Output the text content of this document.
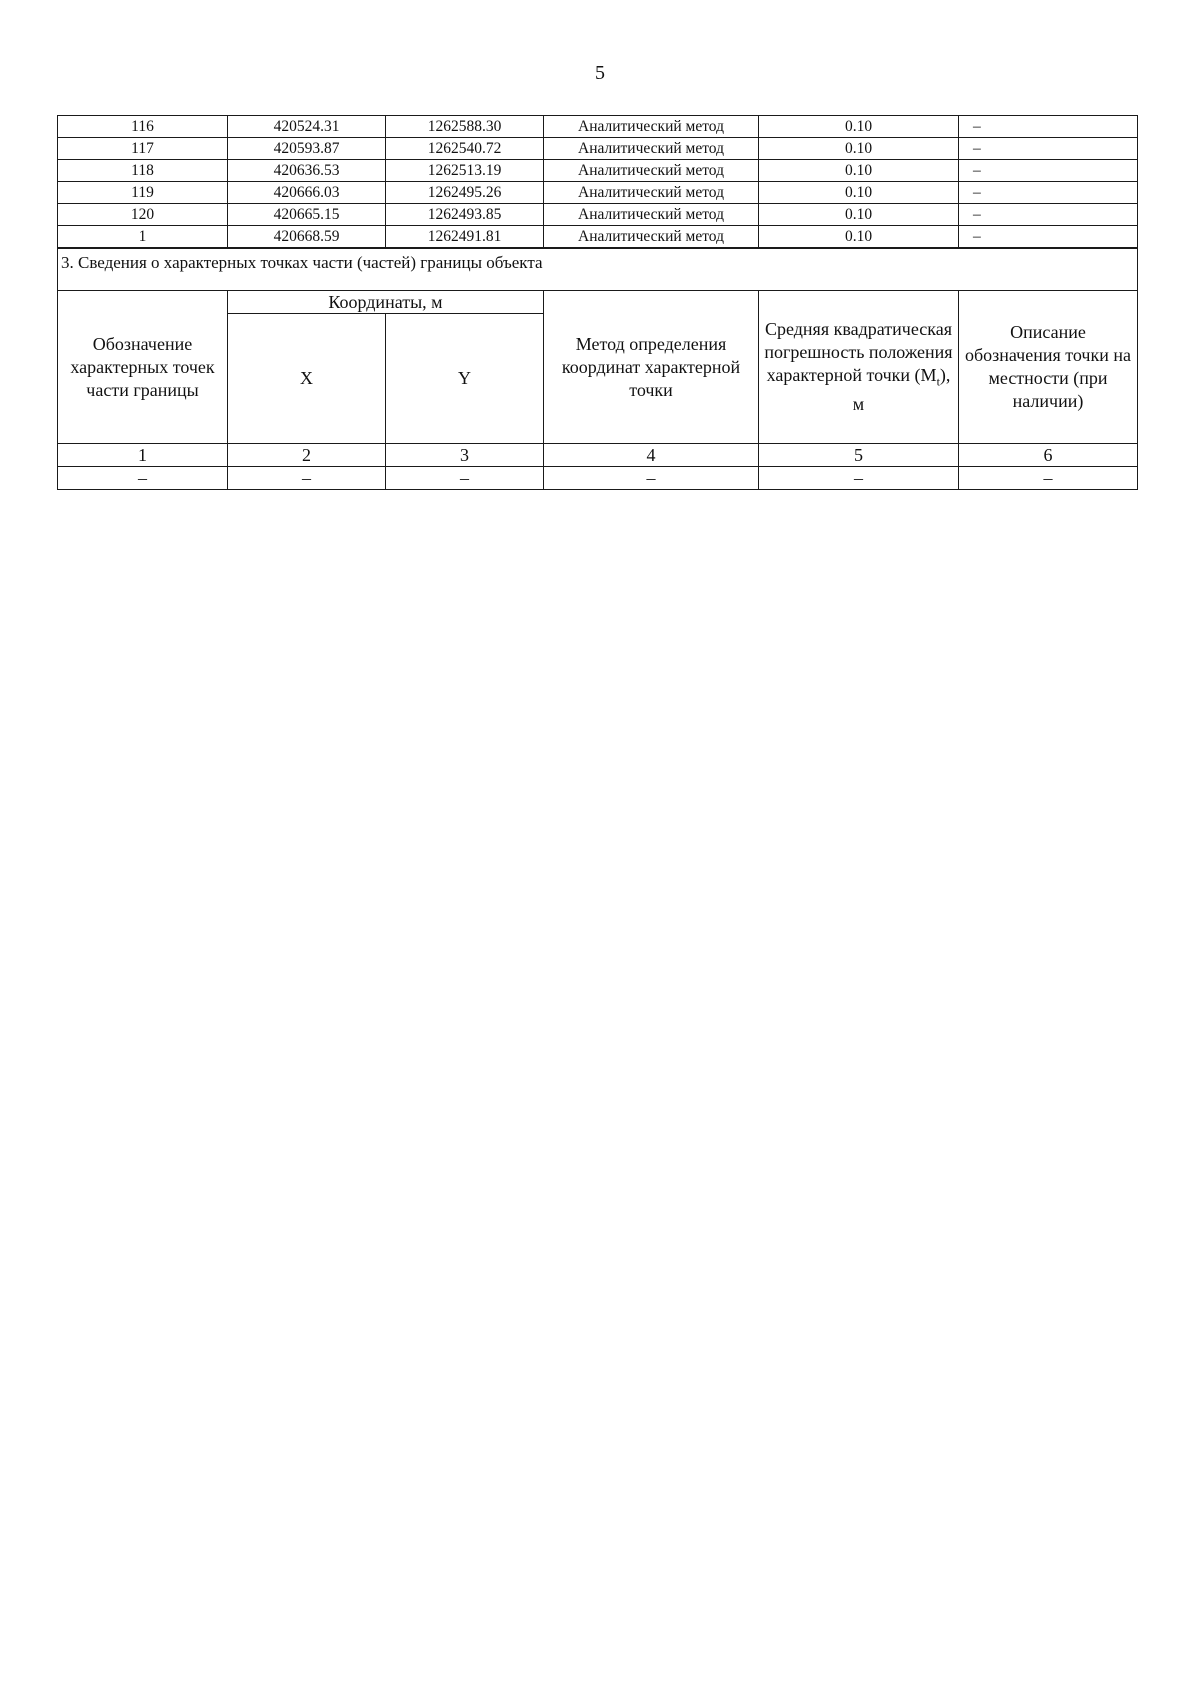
5
116	420524.31	1262588.30	Аналитический метод	0.10	–
117	420593.87	1262540.72	Аналитический метод	0.10	–
118	420636.53	1262513.19	Аналитический метод	0.10	–
119	420666.03	1262495.26	Аналитический метод	0.10	–
120	420665.15	1262493.85	Аналитический метод	0.10	–
1	420668.59	1262491.81	Аналитический метод	0.10	–
3. Сведения о характерных точках части (частей) границы объекта					
Обозначение характерных точек части границы	Координаты, м		Метод определения координат характерной точки	Средняя квадратическая погрешность положения характерной точки $(M_t)$, м	Описание обозначения точки на местности (при наличии)
	X	Y			
1	2	3	4	5	6
–	–	–	–	–	–
